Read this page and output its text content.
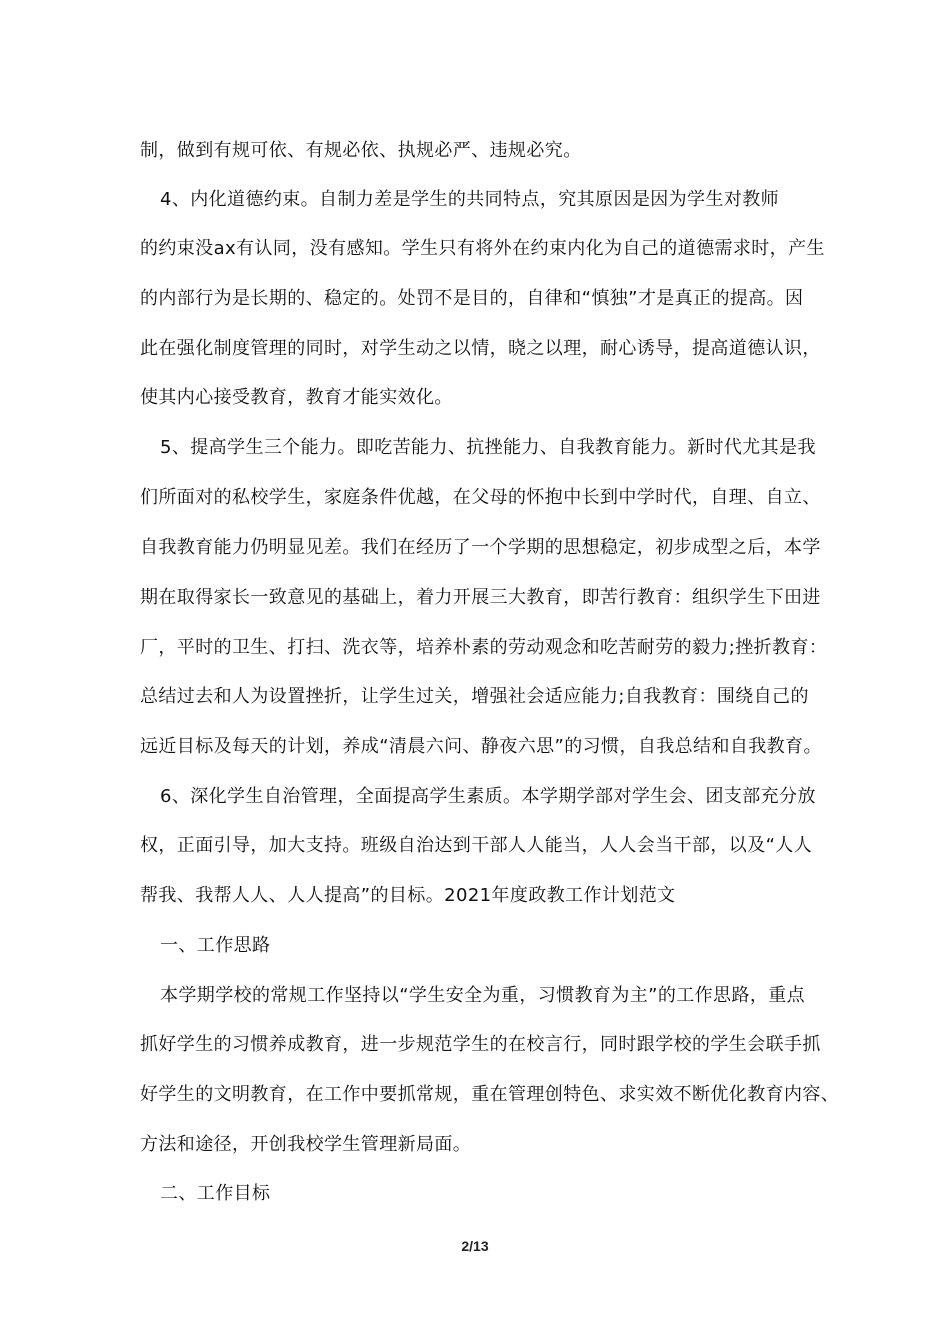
制，做到有规可依、有规必依、执规必严、违规必究。
4、内化道德约束。自制力差是学生的共同特点，究其原因是因为学生对教师
的约束没ax有认同，没有感知。学生只有将外在约束内化为自己的道德需求时，产生
的内部行为是长期的、稳定的。处罚不是目的，自律和“慎独”才是真正的提高。因
此在强化制度管理的同时，对学生动之以情，晓之以理，耐心诱导，提高道德认识，
使其内心接受教育，教育才能实效化。
5、提高学生三个能力。即吃苦能力、抗挫能力、自我教育能力。新时代尤其是我
们所面对的私校学生，家庭条件优越，在父母的怀抱中长到中学时代，自理、自立、
自我教育能力仍明显见差。我们在经历了一个学期的思想稳定，初步成型之后，本学
期在取得家长一致意见的基础上，着力开展三大教育，即苦行教育：组织学生下田进
厂，平时的卫生、打扫、洗衣等，培养朴素的劳动观念和吃苦耐劳的毅力;挫折教育：
总结过去和人为设置挫折，让学生过关，增强社会适应能力;自我教育：围绕自己的
远近目标及每天的计划，养成“清晨六问、静夜六思”的习惯，自我总结和自我教育。
6、深化学生自治管理，全面提高学生素质。本学期学部对学生会、团支部充分放
权，正面引导，加大支持。班级自治达到干部人人能当，人人会当干部，以及“人人
帮我、我帮人人、人人提高”的目标。2021年度政教工作计划范文
一、工作思路
本学期学校的常规工作坚持以“学生安全为重，习惯教育为主”的工作思路，重点
抓好学生的习惯养成教育，进一步规范学生的在校言行，同时跟学校的学生会联手抓
好学生的文明教育，在工作中要抓常规，重在管理创特色、求实效不断优化教育内容、
方法和途径，开创我校学生管理新局面。
二、工作目标
2/13
